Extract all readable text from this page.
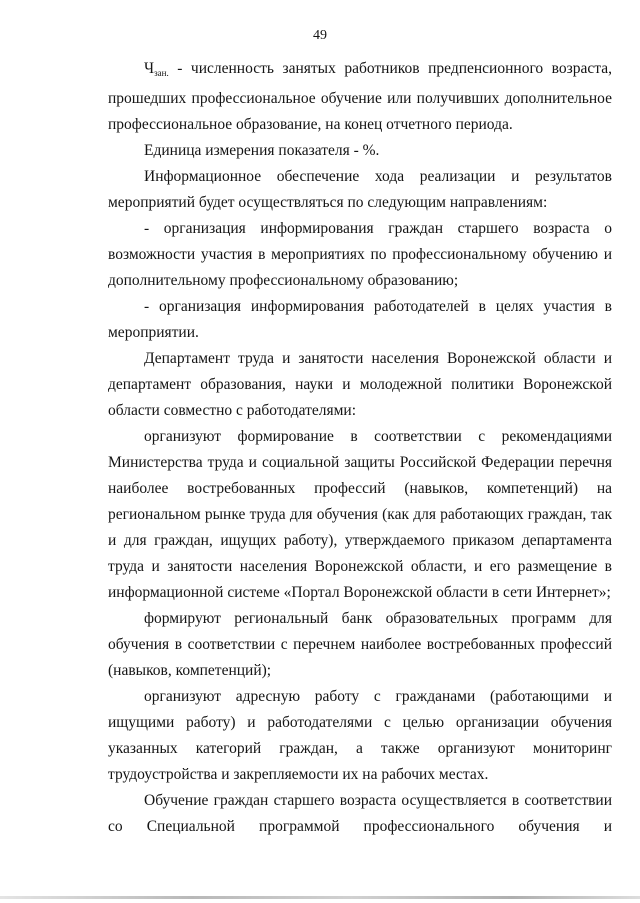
49

$Ч_{зан.}$ - численность занятых работников предпенсионного возраста, прошедших профессиональное обучение или получивших дополнительное профессиональное образование, на конец отчетного периода.

Единица измерения показателя - %.

Информационное обеспечение хода реализации и результатов мероприятий будет осуществляться по следующим направлениям:

- организация информирования граждан старшего возраста о возможности участия в мероприятиях по профессиональному обучению и дополнительному профессиональному образованию;

- организация информирования работодателей в целях участия в мероприятии.

Департамент труда и занятости населения Воронежской области и департамент образования, науки и молодежной политики Воронежской области совместно с работодателями:

организуют формирование в соответствии с рекомендациями Министерства труда и социальной защиты Российской Федерации перечня наиболее востребованных профессий (навыков, компетенций) на региональном рынке труда для обучения (как для работающих граждан, так и для граждан, ищущих работу), утверждаемого приказом департамента труда и занятости населения Воронежской области, и его размещение в информационной системе «Портал Воронежской области в сети Интернет»;

формируют региональный банк образовательных программ для обучения в соответствии с перечнем наиболее востребованных профессий (навыков, компетенций);

организуют адресную работу с гражданами (работающими и ищущими работу) и работодателями с целью организации обучения указанных категорий граждан, а также организуют мониторинг трудоустройства и закрепляемости их на рабочих местах.

Обучение граждан старшего возраста осуществляется в соответствии со Специальной программой профессионального обучения и
